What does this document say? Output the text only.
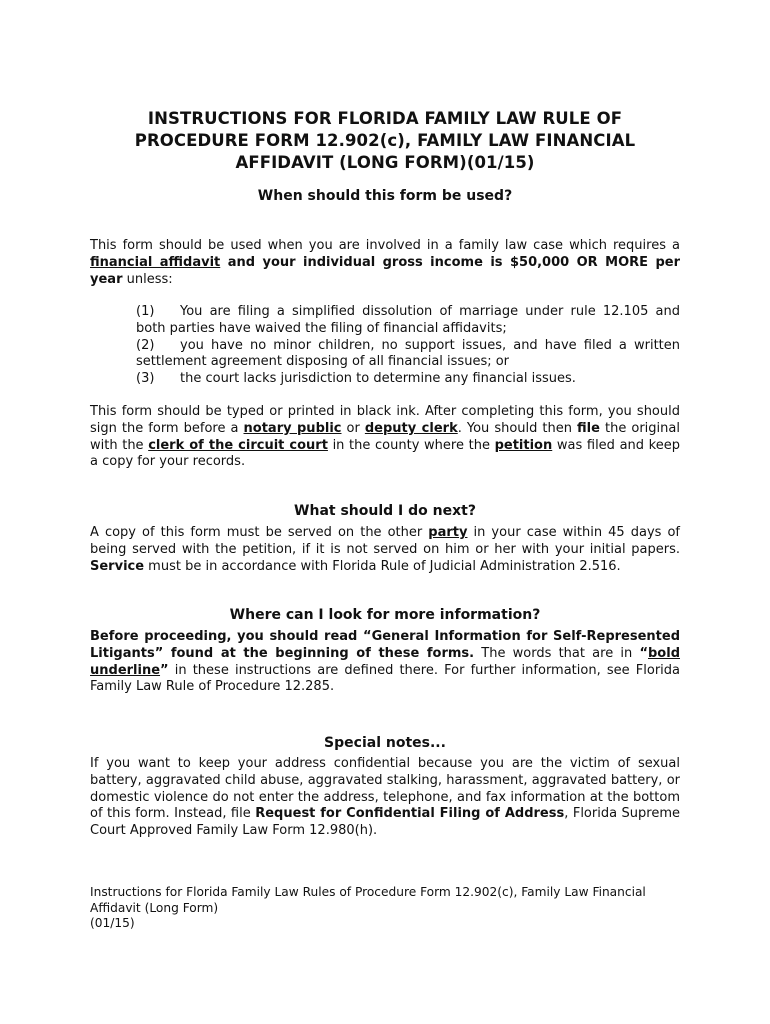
INSTRUCTIONS FOR FLORIDA FAMILY LAW RULE OF
PROCEDURE FORM 12.902(c), FAMILY LAW FINANCIAL
AFFIDAVIT (LONG FORM)(01/15)
When should this form be used?
This form should be used when you are involved in a family law case which requires a financial affidavit and your individual gross income is $50,000 OR MORE per year unless:
(1) You are filing a simplified dissolution of marriage under rule 12.105 and both parties have waived the filing of financial affidavits;
(2) you have no minor children, no support issues, and have filed a written settlement agreement disposing of all financial issues; or
(3) the court lacks jurisdiction to determine any financial issues.
This form should be typed or printed in black ink. After completing this form, you should sign the form before a notary public or deputy clerk. You should then file the original with the clerk of the circuit court in the county where the petition was filed and keep a copy for your records.
What should I do next?
A copy of this form must be served on the other party in your case within 45 days of being served with the petition, if it is not served on him or her with your initial papers. Service must be in accordance with Florida Rule of Judicial Administration 2.516.
Where can I look for more information?
Before proceeding, you should read “General Information for Self-Represented Litigants” found at the beginning of these forms. The words that are in “bold underline” in these instructions are defined there. For further information, see Florida Family Law Rule of Procedure 12.285.
Special notes...
If you want to keep your address confidential because you are the victim of sexual battery, aggravated child abuse, aggravated stalking, harassment, aggravated battery, or domestic violence do not enter the address, telephone, and fax information at the bottom of this form. Instead, file Request for Confidential Filing of Address, Florida Supreme Court Approved Family Law Form 12.980(h).
Instructions for Florida Family Law Rules of Procedure Form 12.902(c), Family Law Financial
Affidavit (Long Form)
(01/15)
